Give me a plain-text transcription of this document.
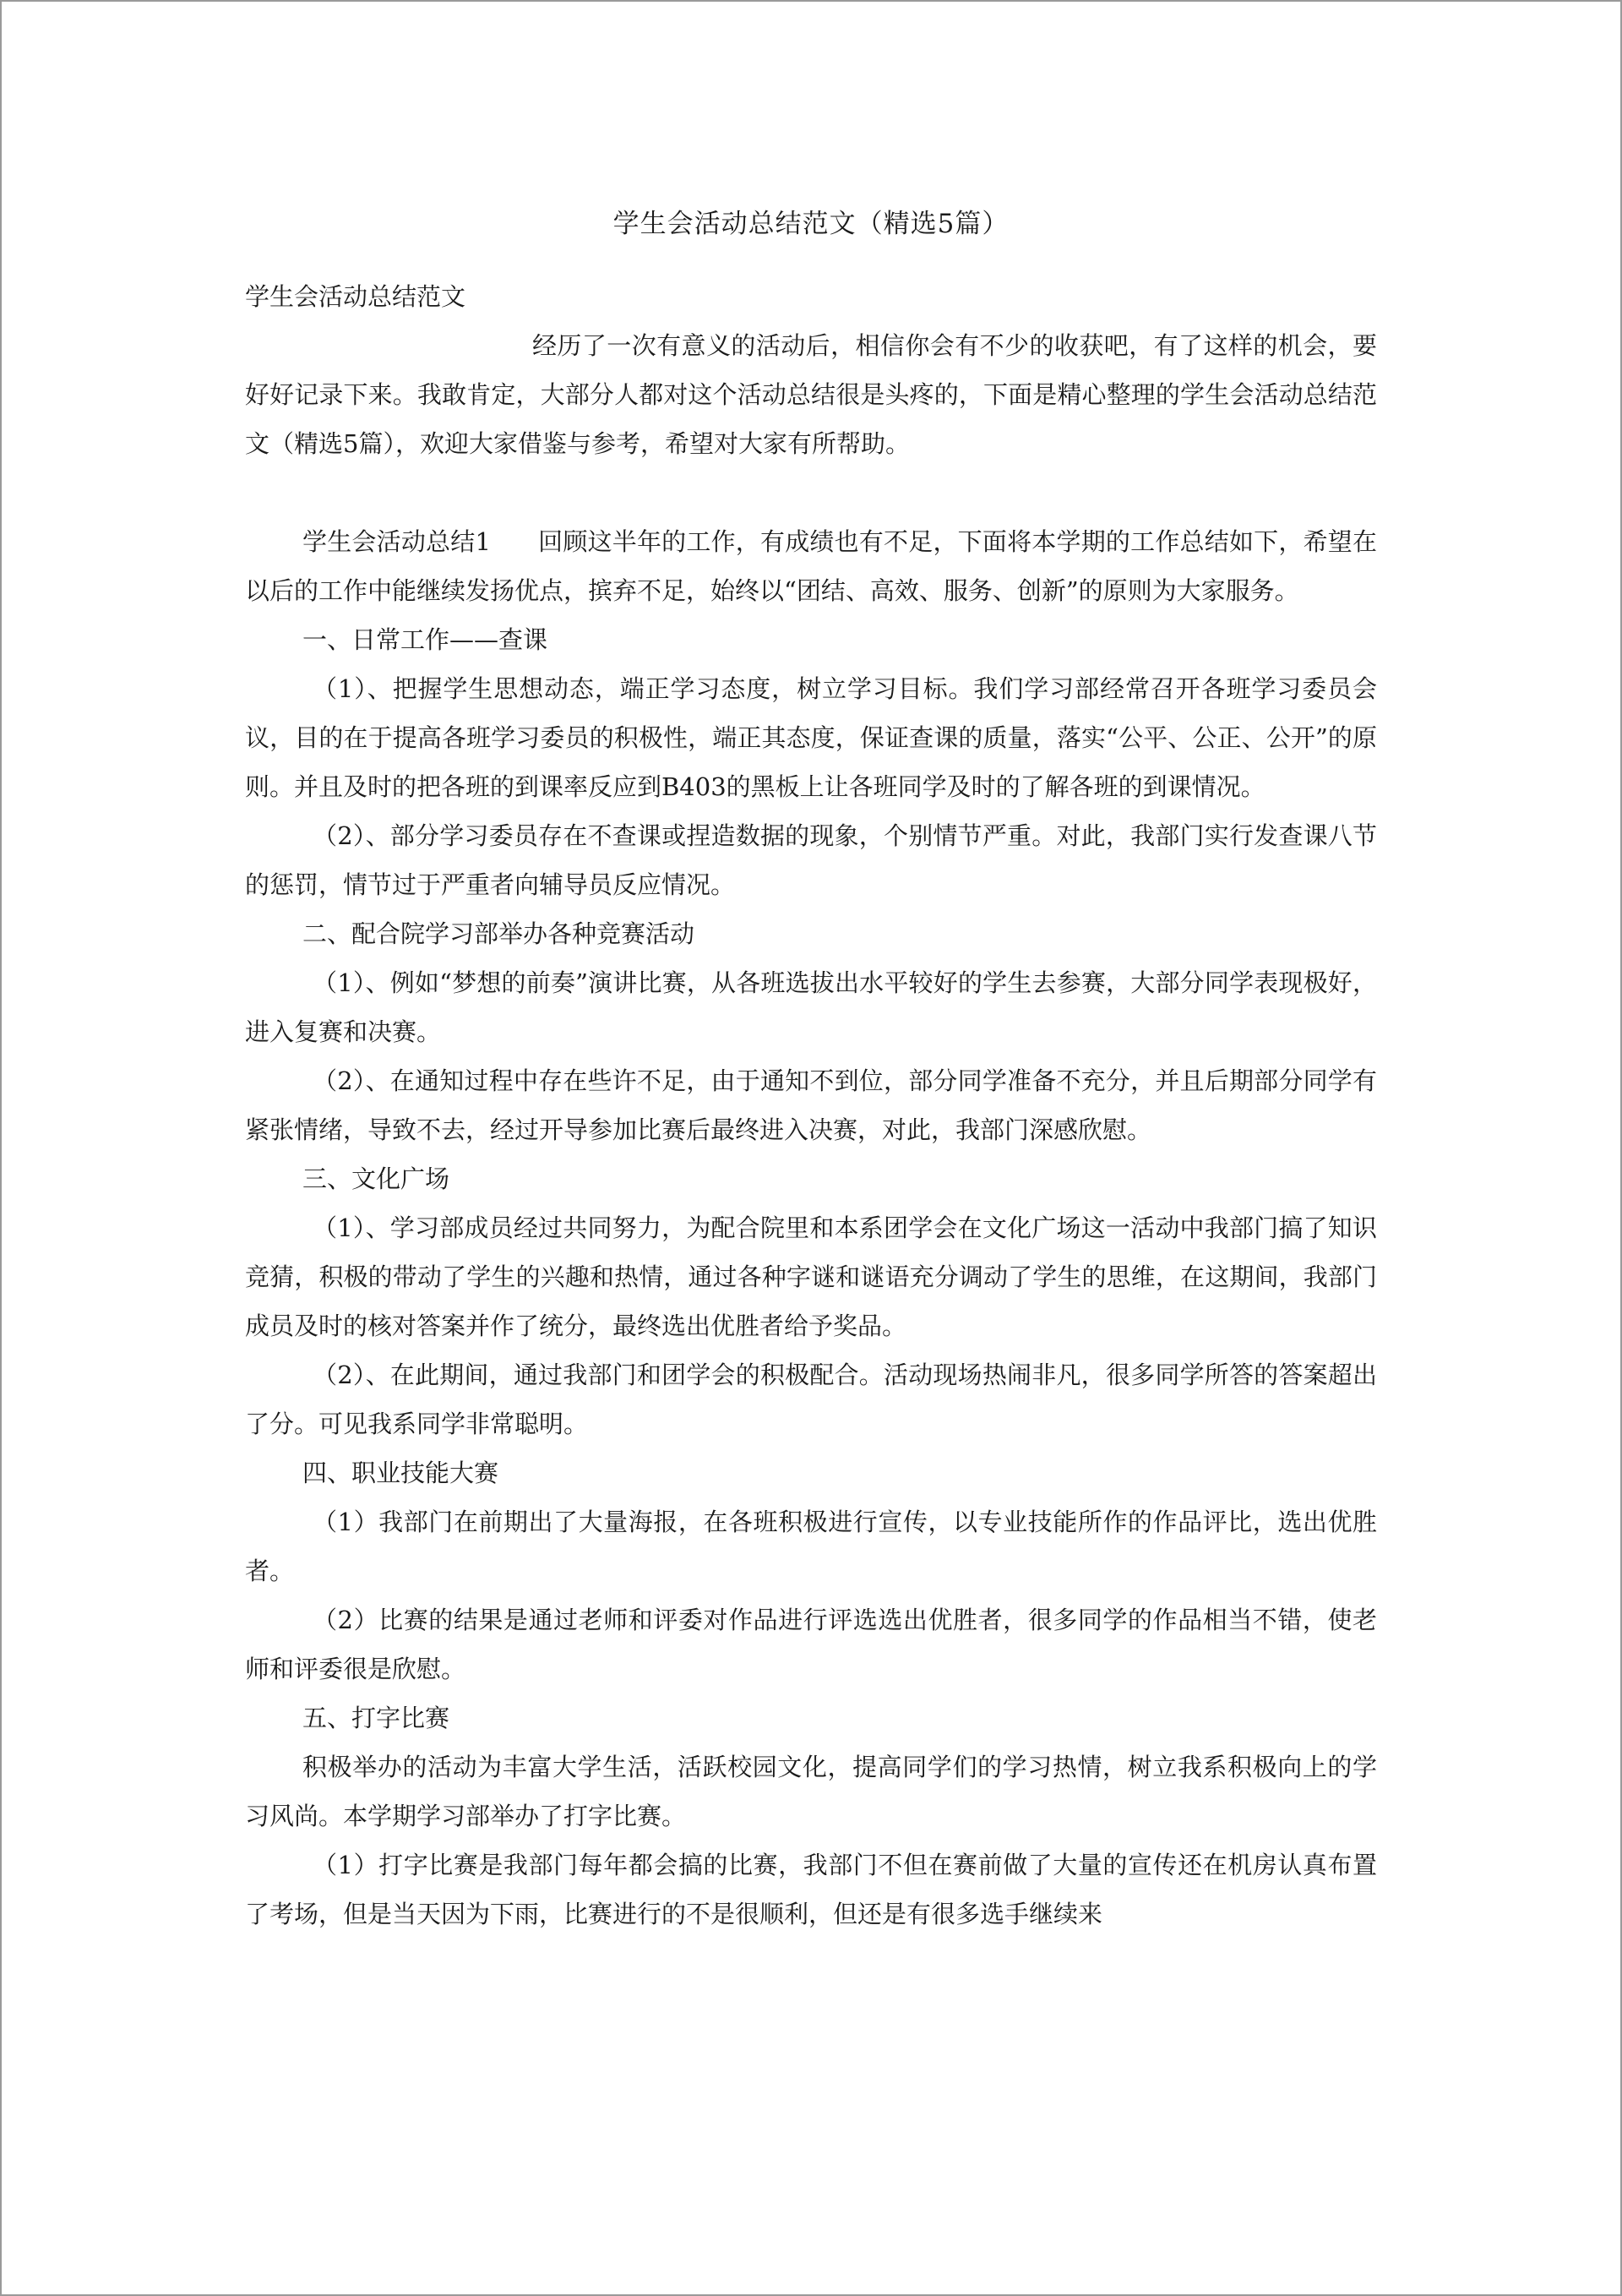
学生会活动总结范文（精选5篇）

学生会活动总结范文

经历了一次有意义的活动后，相信你会有不少的收获吧，有了这样的机会，要好好记录下来。我敢肯定，大部分人都对这个活动总结很是头疼的，下面是精心整理的学生会活动总结范文（精选5篇），欢迎大家借鉴与参考，希望对大家有所帮助。

学生会活动总结1 回顾这半年的工作，有成绩也有不足，下面将本学期的工作总结如下，希望在以后的工作中能继续发扬优点，摈弃不足，始终以“团结、高效、服务、创新”的原则为大家服务。

一、日常工作——查课

（1）、把握学生思想动态，端正学习态度，树立学习目标。我们学习部经常召开各班学习委员会议，目的在于提高各班学习委员的积极性，端正其态度，保证查课的质量，落实“公平、公正、公开”的原则。并且及时的把各班的到课率反应到B403的黑板上让各班同学及时的了解各班的到课情况。

（2）、部分学习委员存在不查课或捏造数据的现象，个别情节严重。对此，我部门实行发查课八节的惩罚，情节过于严重者向辅导员反应情况。

二、配合院学习部举办各种竞赛活动

（1）、例如“梦想的前奏”演讲比赛，从各班选拔出水平较好的学生去参赛，大部分同学表现极好，进入复赛和决赛。

（2）、在通知过程中存在些许不足，由于通知不到位，部分同学准备不充分，并且后期部分同学有紧张情绪，导致不去，经过开导参加比赛后最终进入决赛，对此，我部门深感欣慰。

三、文化广场

（1）、学习部成员经过共同努力，为配合院里和本系团学会在文化广场这一活动中我部门搞了知识竞猜，积极的带动了学生的兴趣和热情，通过各种字谜和谜语充分调动了学生的思维，在这期间，我部门成员及时的核对答案并作了统分，最终选出优胜者给予奖品。

（2）、在此期间，通过我部门和团学会的积极配合。活动现场热闹非凡，很多同学所答的答案超出了分。可见我系同学非常聪明。

四、职业技能大赛

（1）我部门在前期出了大量海报，在各班积极进行宣传，以专业技能所作的作品评比，选出优胜者。

（2）比赛的结果是通过老师和评委对作品进行评选选出优胜者，很多同学的作品相当不错，使老师和评委很是欣慰。

五、打字比赛

积极举办的活动为丰富大学生活，活跃校园文化，提高同学们的学习热情，树立我系积极向上的学习风尚。本学期学习部举办了打字比赛。

（1）打字比赛是我部门每年都会搞的比赛，我部门不但在赛前做了大量的宣传还在机房认真布置了考场，但是当天因为下雨，比赛进行的不是很顺利，但还是有很多选手继续来
